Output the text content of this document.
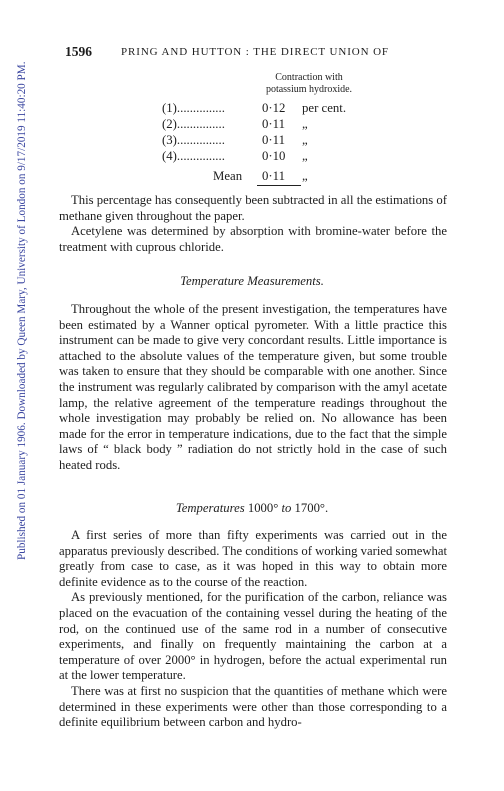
Published on 01 January 1906. Downloaded by Queen Mary, University of London on 9/17/2019 11:40:20 PM.
1596	PRING AND HUTTON : THE DIRECT UNION OF
Contraction with
potassium hydroxide.
(1)...............	0·12 per cent.
(2)...............	0·11 „
(3)...............	0·11 „
(4)...............	0·10 „
Mean 0·11 „

This percentage has consequently been subtracted in all the estimations of methane given throughout the paper.

Acetylene was determined by absorption with bromine-water before the treatment with cuprous chloride.

Temperature Measurements.

Throughout the whole of the present investigation, the temperatures have been estimated by a Wanner optical pyrometer. With a little practice this instrument can be made to give very concordant results. Little importance is attached to the absolute values of the temperature given, but some trouble was taken to ensure that they should be comparable with one another. Since the instrument was regularly calibrated by comparison with the amyl acetate lamp, the relative agreement of the temperature readings throughout the whole investigation may probably be relied on. No allowance has been made for the error in temperature indications, due to the fact that the simple laws of “ black body ” radiation do not strictly hold in the case of such heated rods.

Temperatures 1000° to 1700°.

A first series of more than fifty experiments was carried out in the apparatus previously described. The conditions of working varied somewhat greatly from case to case, as it was hoped in this way to obtain more definite evidence as to the course of the reaction.

As previously mentioned, for the purification of the carbon, reliance was placed on the evacuation of the containing vessel during the heating of the rod, on the continued use of the same rod in a number of consecutive experiments, and finally on frequently maintaining the carbon at a temperature of over 2000° in hydrogen, before the actual experimental run at the lower temperature.

There was at first no suspicion that the quantities of methane which were determined in these experiments were other than those corresponding to a definite equilibrium between carbon and hydro-
